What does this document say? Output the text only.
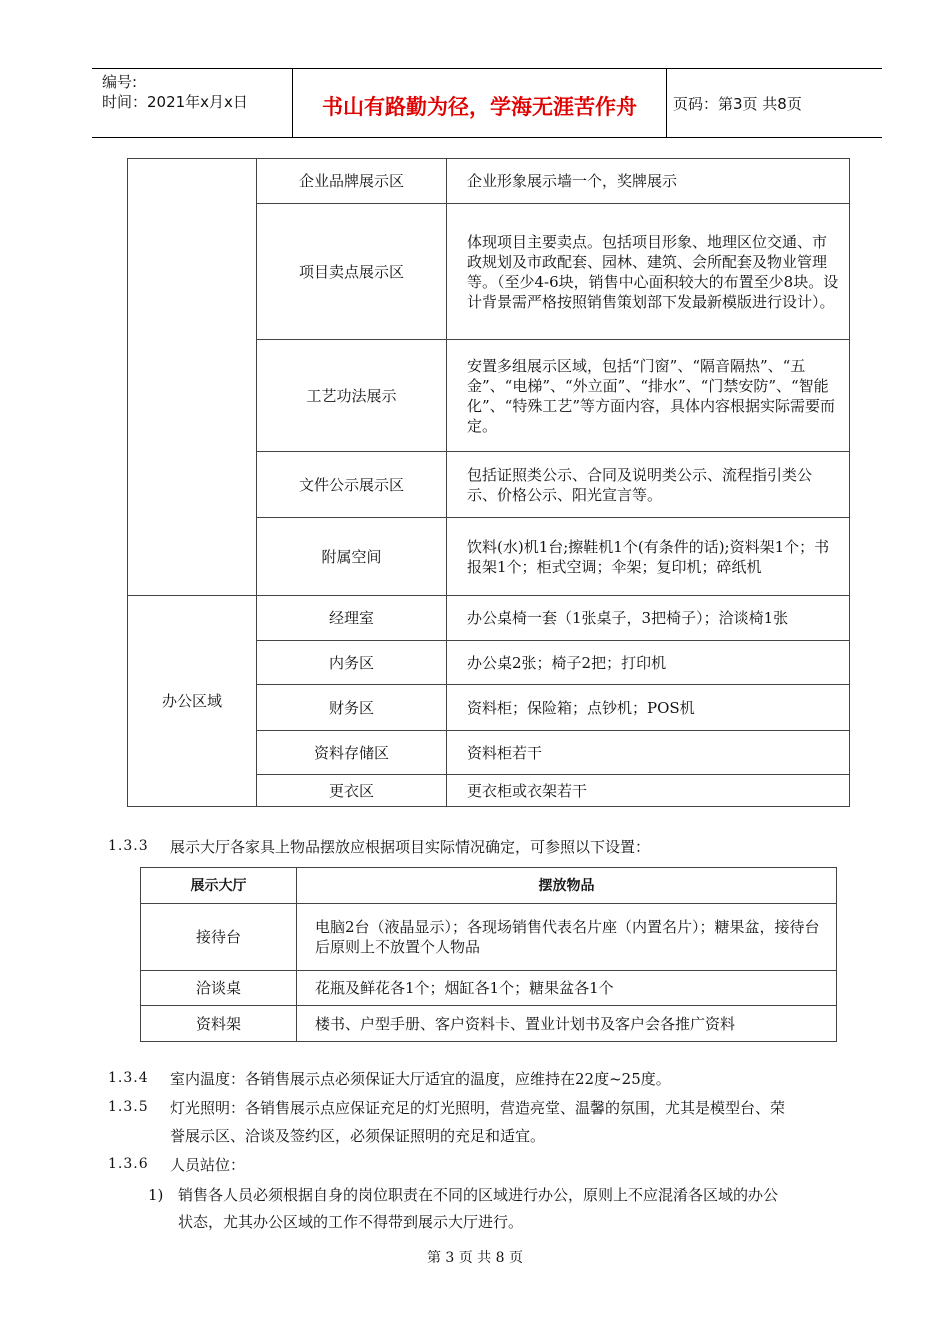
编号:
时间：2021年x月x日	书山有路勤为径，学海无涯苦作舟	页码：第3页 共8页
	企业品牌展示区	企业形象展示墙一个，奖牌展示
	项目卖点展示区	体现项目主要卖点。包括项目形象、地理区位交通、市政规划及市政配套、园林、建筑、会所配套及物业管理等。（至少4-6块，销售中心面积较大的布置至少8块。设计背景需严格按照销售策划部下发最新模版进行设计）。
	工艺功法展示	安置多组展示区域，包括“门窗”、“隔音隔热”、“五金”、“电梯”、“外立面”、“排水”、“门禁安防”、“智能化”、“特殊工艺”等方面内容，具体内容根据实际需要而定。
	文件公示展示区	包括证照类公示、合同及说明类公示、流程指引类公示、价格公示、阳光宣言等。
	附属空间	饮料(水)机1台;擦鞋机1个(有条件的话);资料架1个；书报架1个；柜式空调；伞架；复印机；碎纸机
办公区域	经理室	办公桌椅一套（1张桌子，3把椅子）；洽谈椅1张
	内务区	办公桌2张；椅子2把；打印机
	财务区	资料柜；保险箱；点钞机；POS机
	资料存储区	资料柜若干
	更衣区	更衣柜或衣架若干
1.3.3 展示大厅各家具上物品摆放应根据项目实际情况确定，可参照以下设置：
展示大厅	摆放物品
接待台	电脑2台（液晶显示）；各现场销售代表名片座（内置名片）；糖果盆，接待台后原则上不放置个人物品
洽谈桌	花瓶及鲜花各1个；烟缸各1个；糖果盆各1个
资料架	楼书、户型手册、客户资料卡、置业计划书及客户会各推广资料
1.3.4 室内温度：各销售展示点必须保证大厅适宜的温度，应维持在22度~25度。
1.3.5 灯光照明：各销售展示点应保证充足的灯光照明，营造亮堂、温馨的氛围，尤其是模型台、荣
誉展示区、洽谈及签约区，必须保证照明的充足和适宜。
1.3.6 人员站位：
1) 销售各人员必须根据自身的岗位职责在不同的区域进行办公，原则上不应混淆各区域的办公
状态，尤其办公区域的工作不得带到展示大厅进行。
第 3 页 共 8 页
